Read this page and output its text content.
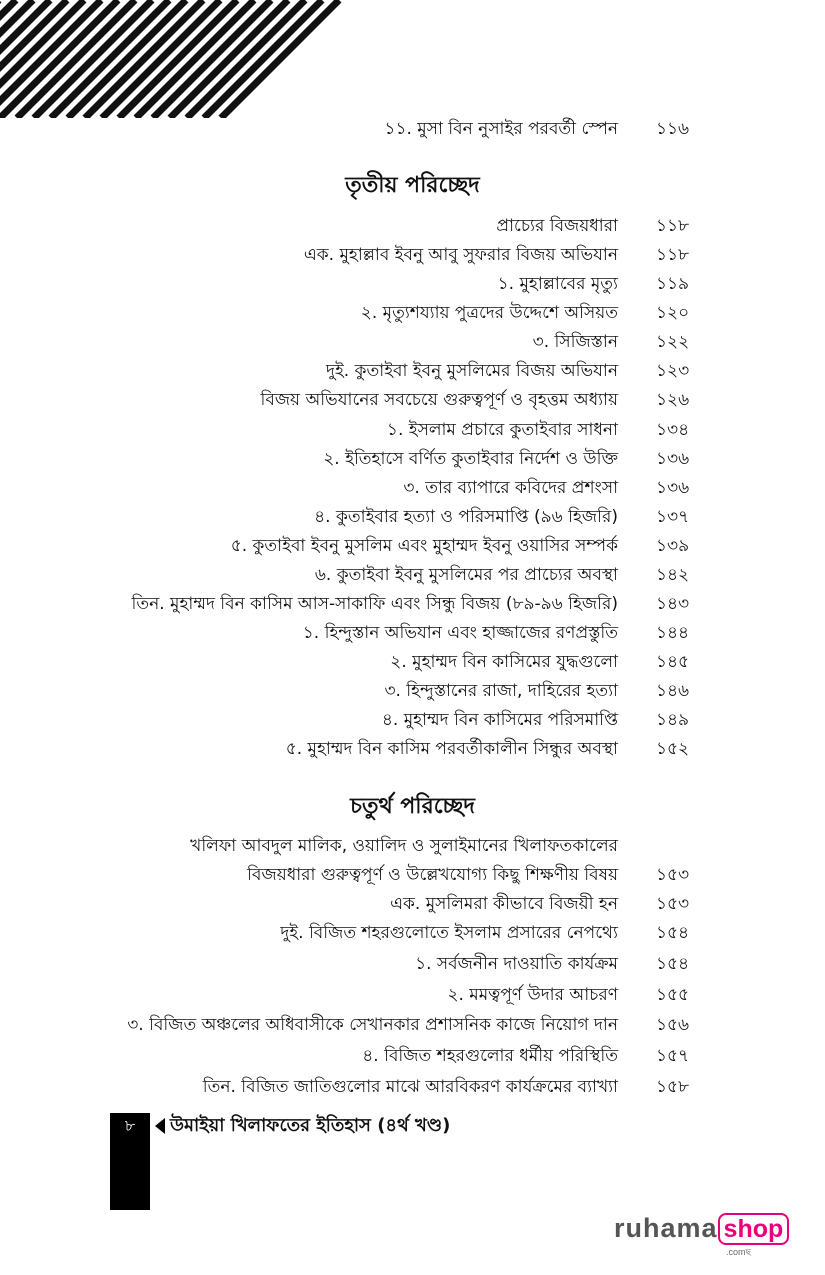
১১. মুসা বিন নুসাইর পরবর্তী স্পেন ১১৬
তৃতীয় পরিচ্ছেদ
প্রাচ্যের বিজয়ধারা ১১৮
এক. মুহাল্লাব ইবনু আবু সুফরার বিজয় অভিযান ১১৮
১. মুহাল্লাবের মৃত্যু ১১৯
২. মৃত্যুশয্যায় পুত্রদের উদ্দেশে অসিয়ত ১২০
৩. সিজিস্তান ১২২
দুই. কুতাইবা ইবনু মুসলিমের বিজয় অভিযান ১২৩
বিজয় অভিযানের সবচেয়ে গুরুত্বপূর্ণ ও বৃহত্তম অধ্যায় ১২৬
১. ইসলাম প্রচারে কুতাইবার সাধনা ১৩৪
২. ইতিহাসে বর্ণিত কুতাইবার নির্দেশ ও উক্তি ১৩৬
৩. তার ব্যাপারে কবিদের প্রশংসা ১৩৬
৪. কুতাইবার হত্যা ও পরিসমাপ্তি (৯৬ হিজরি) ১৩৭
৫. কুতাইবা ইবনু মুসলিম এবং মুহাম্মদ ইবনু ওয়াসির সম্পর্ক ১৩৯
৬. কুতাইবা ইবনু মুসলিমের পর প্রাচ্যের অবস্থা ১৪২
তিন. মুহাম্মদ বিন কাসিম আস-সাকাফি এবং সিন্ধু বিজয় (৮৯-৯৬ হিজরি) ১৪৩
১. হিন্দুস্তান অভিযান এবং হাজ্জাজের রণপ্রস্তুতি ১৪৪
২. মুহাম্মদ বিন কাসিমের যুদ্ধগুলো ১৪৫
৩. হিন্দুস্তানের রাজা, দাহিরের হত্যা ১৪৬
৪. মুহাম্মদ বিন কাসিমের পরিসমাপ্তি ১৪৯
৫. মুহাম্মদ বিন কাসিম পরবর্তীকালীন সিন্ধুর অবস্থা ১৫২
চতুর্থ পরিচ্ছেদ
খলিফা আবদুল মালিক, ওয়ালিদ ও সুলাইমানের খিলাফতকালের
বিজয়ধারা গুরুত্বপূর্ণ ও উল্লেখযোগ্য কিছু শিক্ষণীয় বিষয় ১৫৩
এক. মুসলিমরা কীভাবে বিজয়ী হন ১৫৩
দুই. বিজিত শহরগুলোতে ইসলাম প্রসারের নেপথ্যে ১৫৪
১. সর্বজনীন দাওয়াতি কার্যক্রম ১৫৪
২. মমত্বপূর্ণ উদার আচরণ ১৫৫
৩. বিজিত অঞ্চলের অধিবাসীকে সেখানকার প্রশাসনিক কাজে নিয়োগ দান ১৫৬
৪. বিজিত শহরগুলোর ধর্মীয় পরিস্থিতি ১৫৭
তিন. বিজিত জাতিগুলোর মাঝে আরবিকরণ কার্যক্রমের ব্যাখ্যা ১৫৮
৮	উমাইয়া খিলাফতের ইতিহাস (৪র্থ খণ্ড)
ruhama shop
.comছ
